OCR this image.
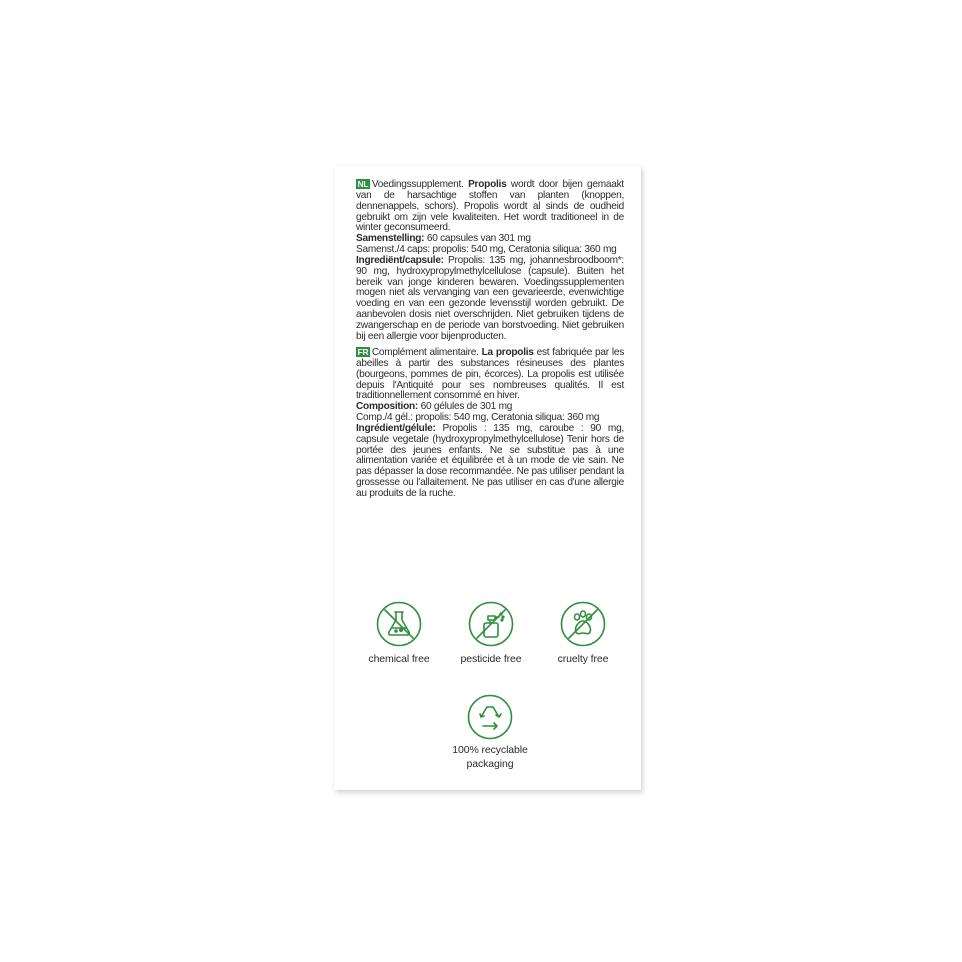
NL Voedingssupplement. Propolis wordt door bijen gemaakt van de harsachtige stoffen van planten (knoppen, dennenappels, schors). Propolis wordt al sinds de oudheid gebruikt om zijn vele kwaliteiten. Het wordt traditioneel in de winter geconsumeerd.

Samenstelling: 60 capsules van 301 mg

Samenst./4 caps: propolis: 540 mg, Ceratonia siliqua: 360 mg

Ingrediënt/capsule: Propolis: 135 mg, johannesbroodboom*: 90 mg, hydroxypropylmethylcellulose (capsule). Buiten het bereik van jonge kinderen bewaren. Voedingssupplementen mogen niet als vervanging van een gevarieerde, evenwichtige voeding en van een gezonde levensstijl worden gebruikt. De aanbevolen dosis niet overschrijden. Niet gebruiken tijdens de zwangerschap en de periode van borstvoeding. Niet gebruiken bij een allergie voor bijenproducten.

FR Complément alimentaire. La propolis est fabriquée par les abeilles à partir des substances résineuses des plantes (bourgeons, pommes de pin, écorces). La propolis est utilisée depuis l'Antiquité pour ses nombreuses qualités. Il est traditionnellement consommé en hiver.

Composition: 60 gélules de 301 mg

Comp./4 gél.: propolis: 540 mg, Ceratonia siliqua: 360 mg

Ingrédient/gélule: Propolis : 135 mg, caroube : 90 mg, capsule vegetale (hydroxypropylmethylcellulose) Tenir hors de portée des jeunes enfants. Ne se substitue pas à une alimentation variée et équilibrée et à un mode de vie sain. Ne pas dépasser la dose recommandée. Ne pas utiliser pendant la grossesse ou l'allaitement. Ne pas utiliser en cas d'une allergie au produits de la ruche.

chemical free	pesticide free	cruelty free
100% recyclable
packaging
